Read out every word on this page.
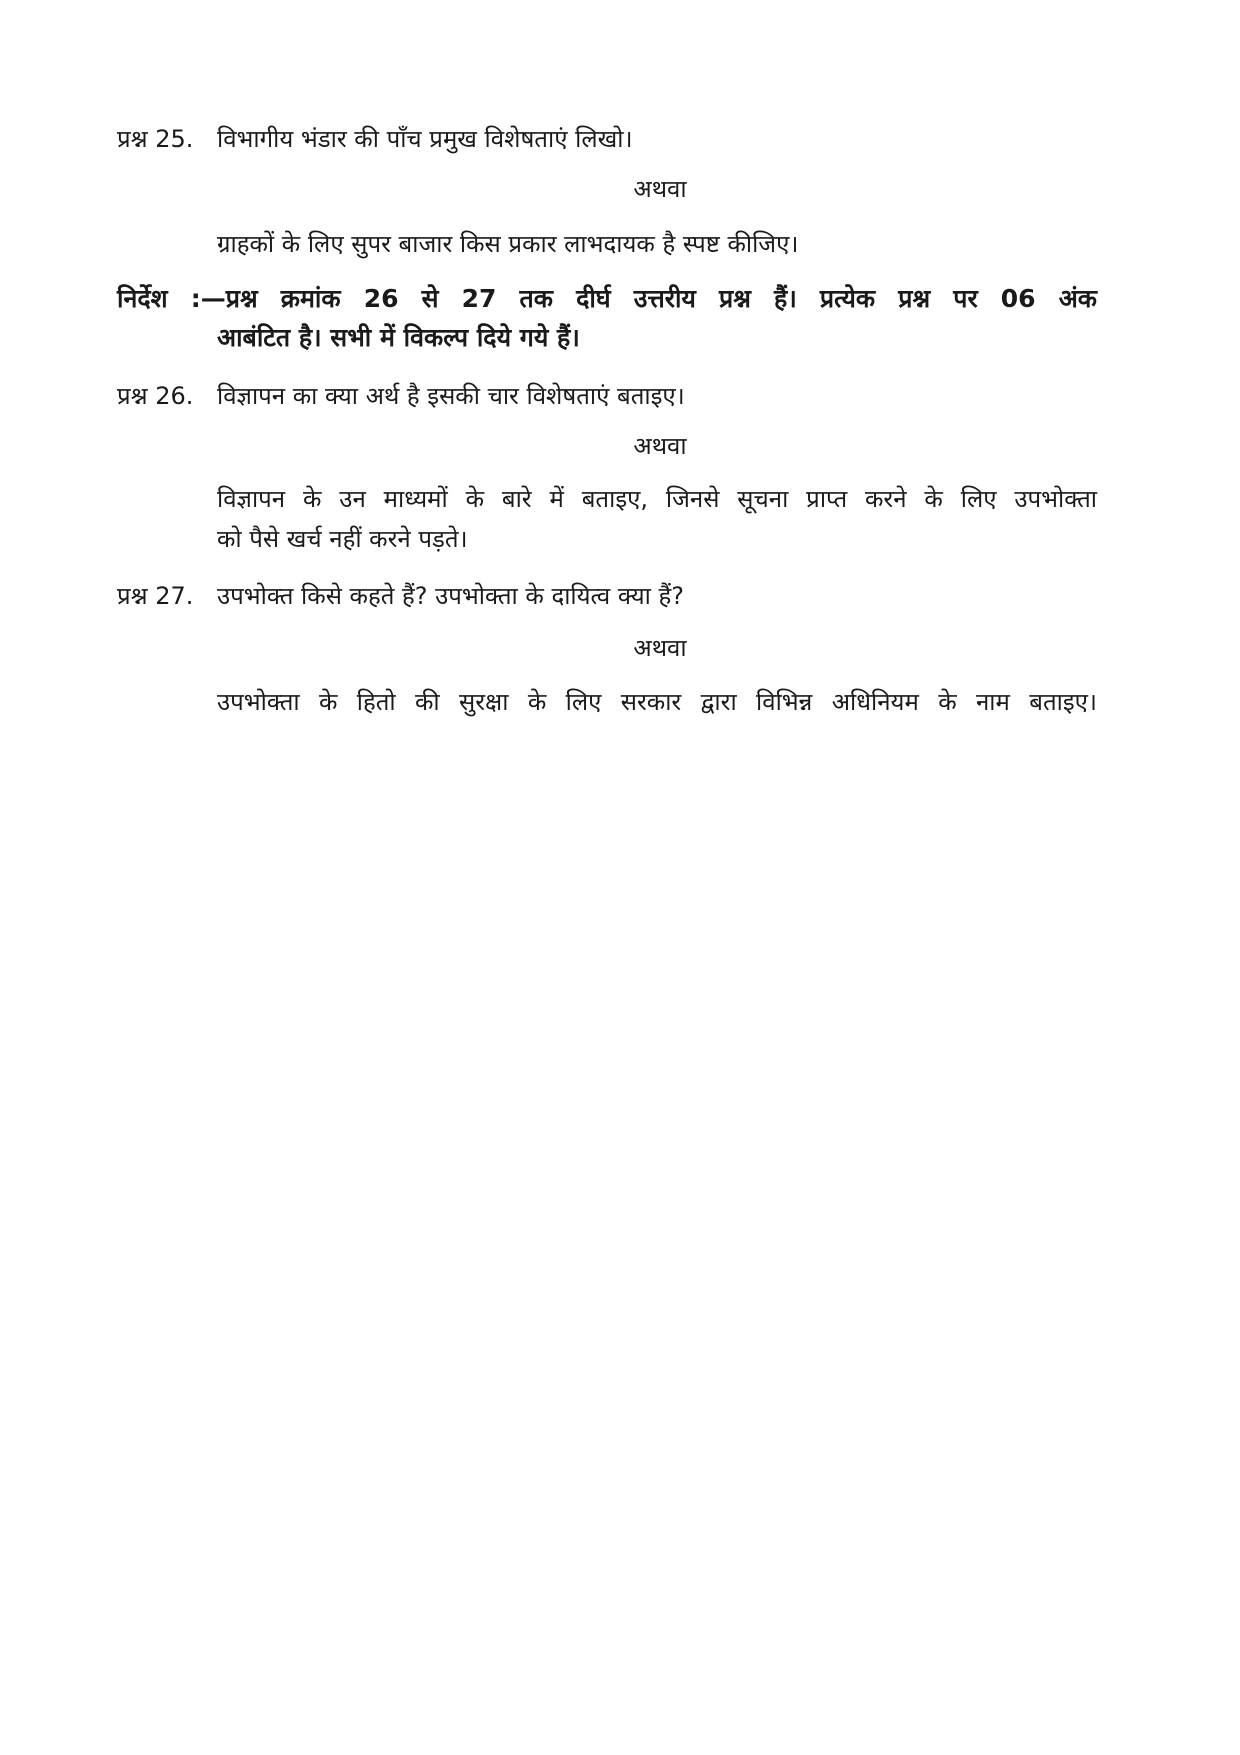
प्रश्न 25. विभागीय भंडार की पाँच प्रमुख विशेषताएं लिखो।
अथवा
ग्राहकों के लिए सुपर बाजार किस प्रकार लाभदायक है स्पष्ट कीजिए।
निर्देश :—प्रश्न क्रमांक 26 से 27 तक दीर्घ उत्तरीय प्रश्न हैं। प्रत्येक प्रश्न पर 06 अंक
आबंटित है। सभी में विकल्प दिये गये हैं।
प्रश्न 26. विज्ञापन का क्या अर्थ है इसकी चार विशेषताएं बताइए।
अथवा
विज्ञापन के उन माध्यमों के बारे में बताइए, जिनसे सूचना प्राप्त करने के लिए उपभोक्ता
को पैसे खर्च नहीं करने पड़ते।
प्रश्न 27. उपभोक्त किसे कहते हैं? उपभोक्ता के दायित्व क्या हैं?
अथवा
उपभोक्ता के हितो की सुरक्षा के लिए सरकार द्वारा विभिन्न अधिनियम के नाम बताइए।
